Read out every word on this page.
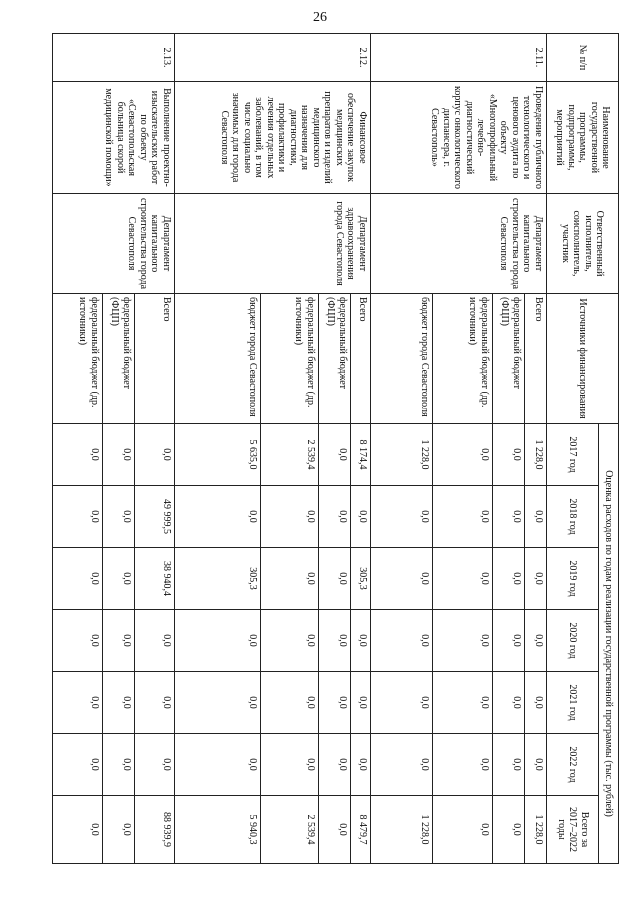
26
№ п/п	Наименование государственной программы, подпрограммы, мероприятий	Ответственный исполнитель, соисполнитель, участник	Источники финансирования	Оценка расходов по годам реализации государственной программы (тыс. рублей)						
				2017 год	2018 год	2019 год	2020 год	2021 год	2022 год	Всего за 2017–2022 годы
2.11.	Проведение публичного технологического и ценового аудита по объекту «Многопрофильный лечебно-диагностический корпус онкологического диспансера, г. Севастополь»	Департамент капитального строительства города Севастополя	Всего	1 228,0	0,0	0,0	0,0	0,0	0,0	1 228,0
			федеральный бюджет (ФЦП)	0,0	0,0	0,0	0,0	0,0	0,0	0,0
			федеральный бюджет (др. источники)	0,0	0,0	0,0	0,0	0,0	0,0	0,0
			бюджет города Севастополя	1 228,0	0,0	0,0	0,0	0,0	0,0	1 228,0
2.12.	Финансовое обеспечение закупок медицинских препаратов и изделий медицинского назначения для диагностики, профилактики и лечения отдельных заболеваний, в том числе социально значимых для города Севастополя	Департамент здравоохранения города Севастополя	Всего	8 174,4	0,0	305,3	0,0	0,0	0,0	8 479,7
			федеральный бюджет (ФЦП)	0,0	0,0	0,0	0,0	0,0	0,0	0,0
			федеральный бюджет (др. источники)	2 539,4	0,0	0,0	0,0	0,0	0,0	2 539,4
			бюджет города Севастополя	5 635,0	0,0	305,3	0,0	0,0	0,0	5 940,3
2.13.	Выполнение проектно-изыскательских работ по объекту «Севастопольская больница скорой медицинской помощи»	Департамент капитального строительства города Севастополя	Всего	0,0	49 999,5	38 940,4	0,0	0,0	0,0	88 939,9
			федеральный бюджет (ФЦП)	0,0	0,0	0,0	0,0	0,0	0,0	0,0
			федеральный бюджет (др. источники)	0,0	0,0	0,0	0,0	0,0	0,0	0,0
